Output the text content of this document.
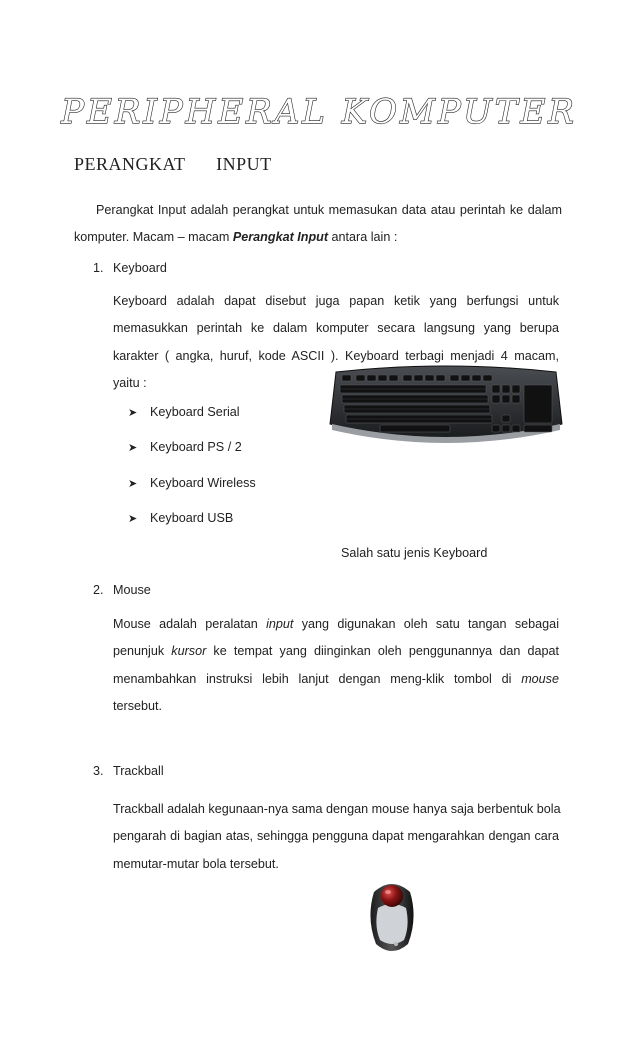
PERIPHERAL KOMPUTER
PERANGKAT INPUT
Perangkat Input adalah perangkat untuk memasukan data atau perintah ke dalam
komputer. Macam – macam Perangkat Input antara lain :
1. Keyboard
Keyboard adalah dapat disebut juga papan ketik yang berfungsi untuk
memasukkan perintah ke dalam komputer secara langsung yang berupa
karakter ( angka, huruf, kode ASCII ). Keyboard terbagi menjadi 4 macam,
yaitu :
➤ Keyboard Serial
➤ Keyboard PS / 2
➤ Keyboard Wireless
➤ Keyboard USB
Salah satu jenis Keyboard
2. Mouse
Mouse adalah peralatan input yang digunakan oleh satu tangan sebagai
penunjuk kursor ke tempat yang diinginkan oleh penggunannya dan dapat
menambahkan instruksi lebih lanjut dengan meng-klik tombol di mouse
tersebut.
3. Trackball
Trackball adalah kegunaan-nya sama dengan mouse hanya saja berbentuk bola
pengarah di bagian atas, sehingga pengguna dapat mengarahkan dengan cara
memutar-mutar bola tersebut.
